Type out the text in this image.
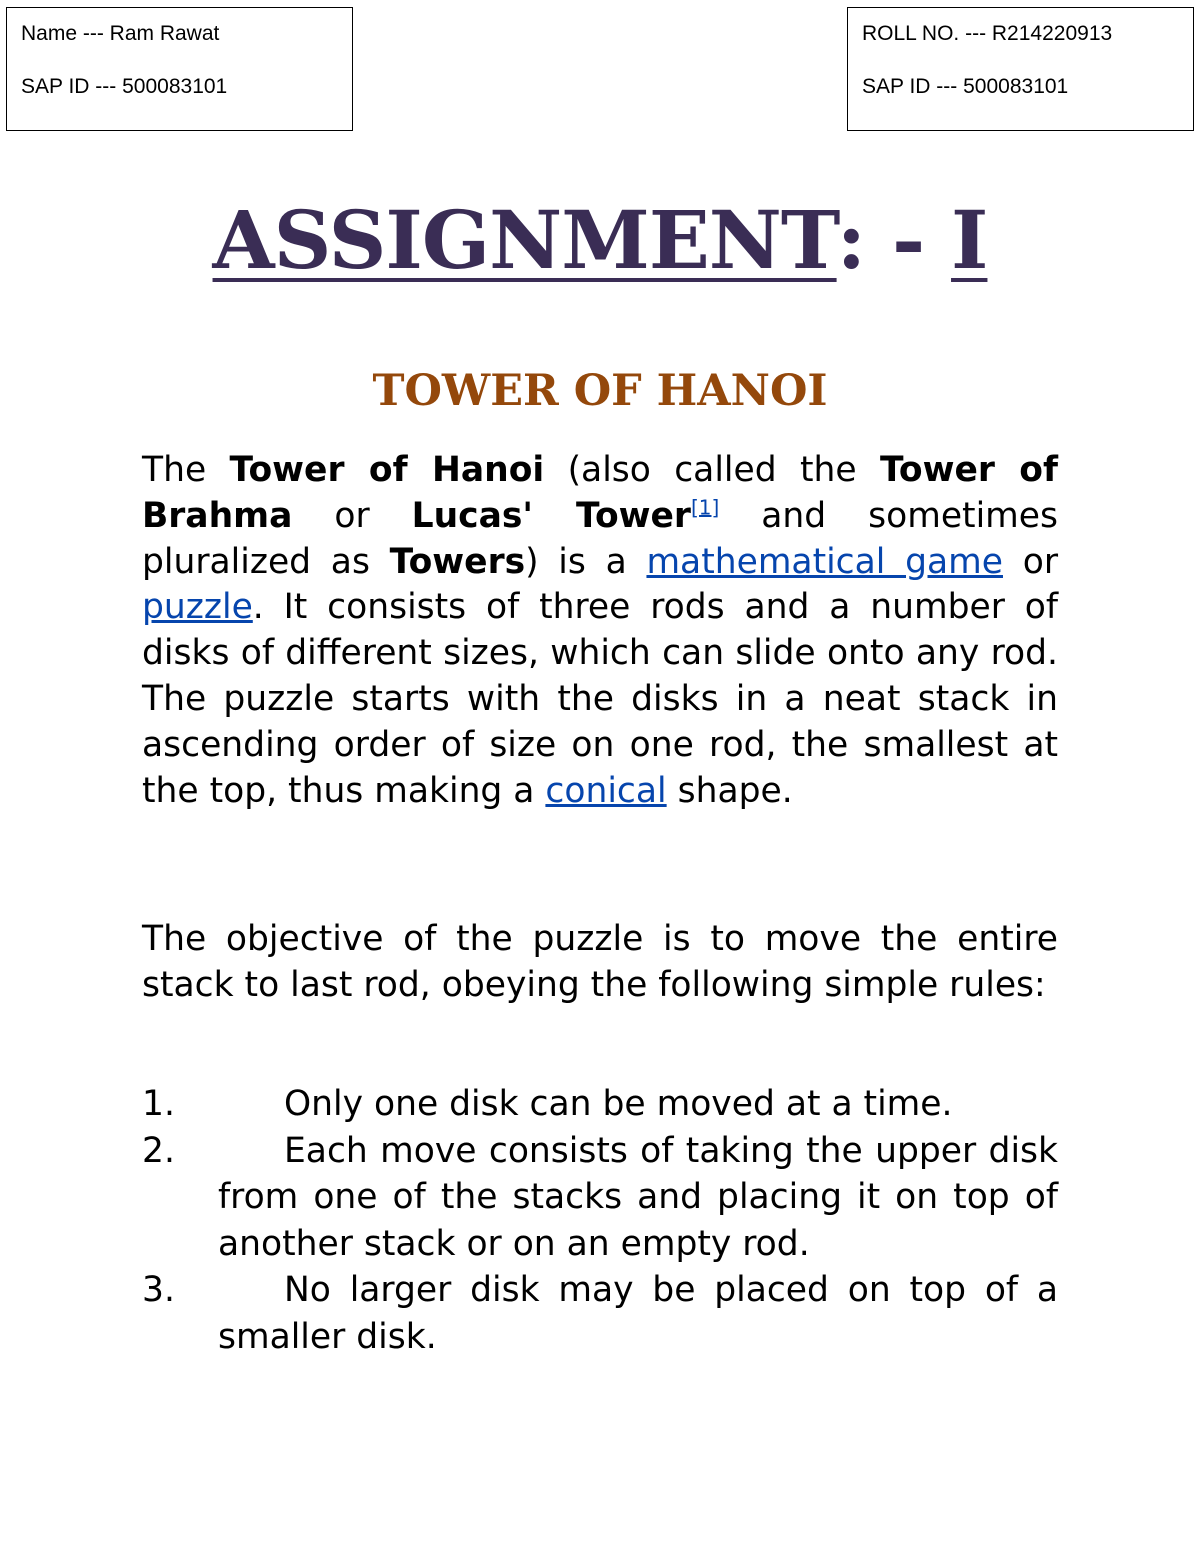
Name --- Ram Rawat
SAP ID --- 500083101
ROLL NO. --- R214220913
SAP ID --- 500083101
ASSIGNMENT: - I
TOWER OF HANOI

The Tower of Hanoi (also called the Tower of Brahma or Lucas' Tower[1] and sometimes pluralized as Towers) is a mathematical game or puzzle. It consists of three rods and a number of disks of different sizes, which can slide onto any rod. The puzzle starts with the disks in a neat stack in ascending order of size on one rod, the smallest at the top, thus making a conical shape.

The objective of the puzzle is to move the entire stack to last rod, obeying the following simple rules:

1.	Only one disk can be moved at a time.
2.	Each move consists of taking the upper disk from one of the stacks and placing it on top of another stack or on an empty rod.
3.	No larger disk may be placed on top of a smaller disk.
